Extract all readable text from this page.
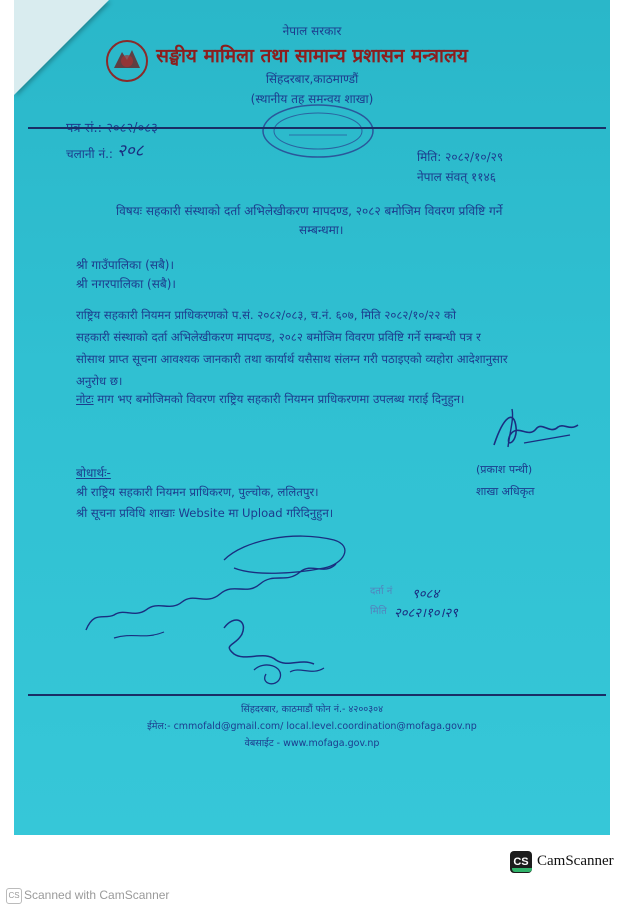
नेपाल सरकार
सङ्घीय मामिला तथा सामान्य प्रशासन मन्त्रालय
सिंहदरबार,काठमाण्डौं
(स्थानीय तह समन्वय शाखा)
चलानी नं.: २०८	मिति: २०८२/१०/२९
नेपाल संवत् ११४६
विषयः सहकारी संस्थाको दर्ता अभिलेखीकरण मापदण्ड, २०८२ बमोजिम विवरण प्रविष्टि गर्ने
सम्बन्धमा।
श्री गाउँपालिका (सबै)।
श्री नगरपालिका (सबै)।
राष्ट्रिय सहकारी नियमन प्राधिकरणको प.सं. २०८२/०८३, च.नं. ६०७, मिति २०८२/१०/२२ को
सहकारी संस्थाको दर्ता अभिलेखीकरण मापदण्ड, २०८२ बमोजिम विवरण प्रविष्टि गर्ने सम्बन्धी पत्र र
सोसाथ प्राप्त सूचना आवश्यक जानकारी तथा कार्यार्थ यसैसाथ संलग्न गरी पठाइएको व्यहोरा आदेशानुसार
अनुरोध छ।
नोटः माग भए बमोजिमको विवरण राष्ट्रिय सहकारी नियमन प्राधिकरणमा उपलब्ध गराई दिनुहुन।
(प्रकाश पन्थी)
शाखा अधिकृत
बोधार्थः-
श्री राष्ट्रिय सहकारी नियमन प्राधिकरण, पुल्चोक, ललितपुर।
श्री सूचना प्रविधि शाखाः Website मा Upload गरिदिनुहुन।
दर्ता नं ९०८४
मिति २०८२।१०।२९
सिंहदरबार, काठमाडौं फोन नं.- ४२००३०४
ईमेल:- cmmofald@gmail.com/ local.level.coordination@mofaga.gov.np
वेबसाईट - www.mofaga.gov.np
CS CamScanner
CS Scanned with CamScanner
